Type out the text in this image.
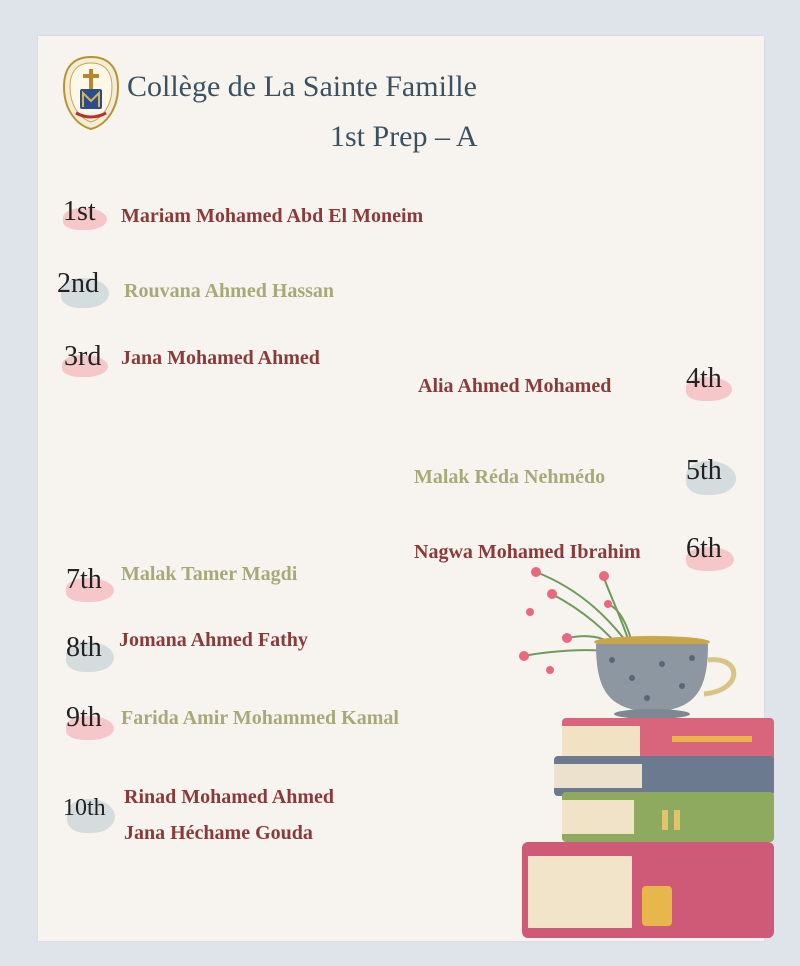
Collège de La Sainte Famille
1st Prep – A
1st Mariam Mohamed Abd El Moneim
2nd Rouvana Ahmed Hassan
3rd Jana Mohamed Ahmed
4th
Alia Ahmed Mohamed
5th
Malak Réda Nehmédo
6th
Nagwa Mohamed Ibrahim
7th Malak Tamer Magdi
8th Jomana Ahmed Fathy
9th Farida Amir Mohammed Kamal
10th Rinad Mohamed Ahmed
Jana Héchame Gouda
